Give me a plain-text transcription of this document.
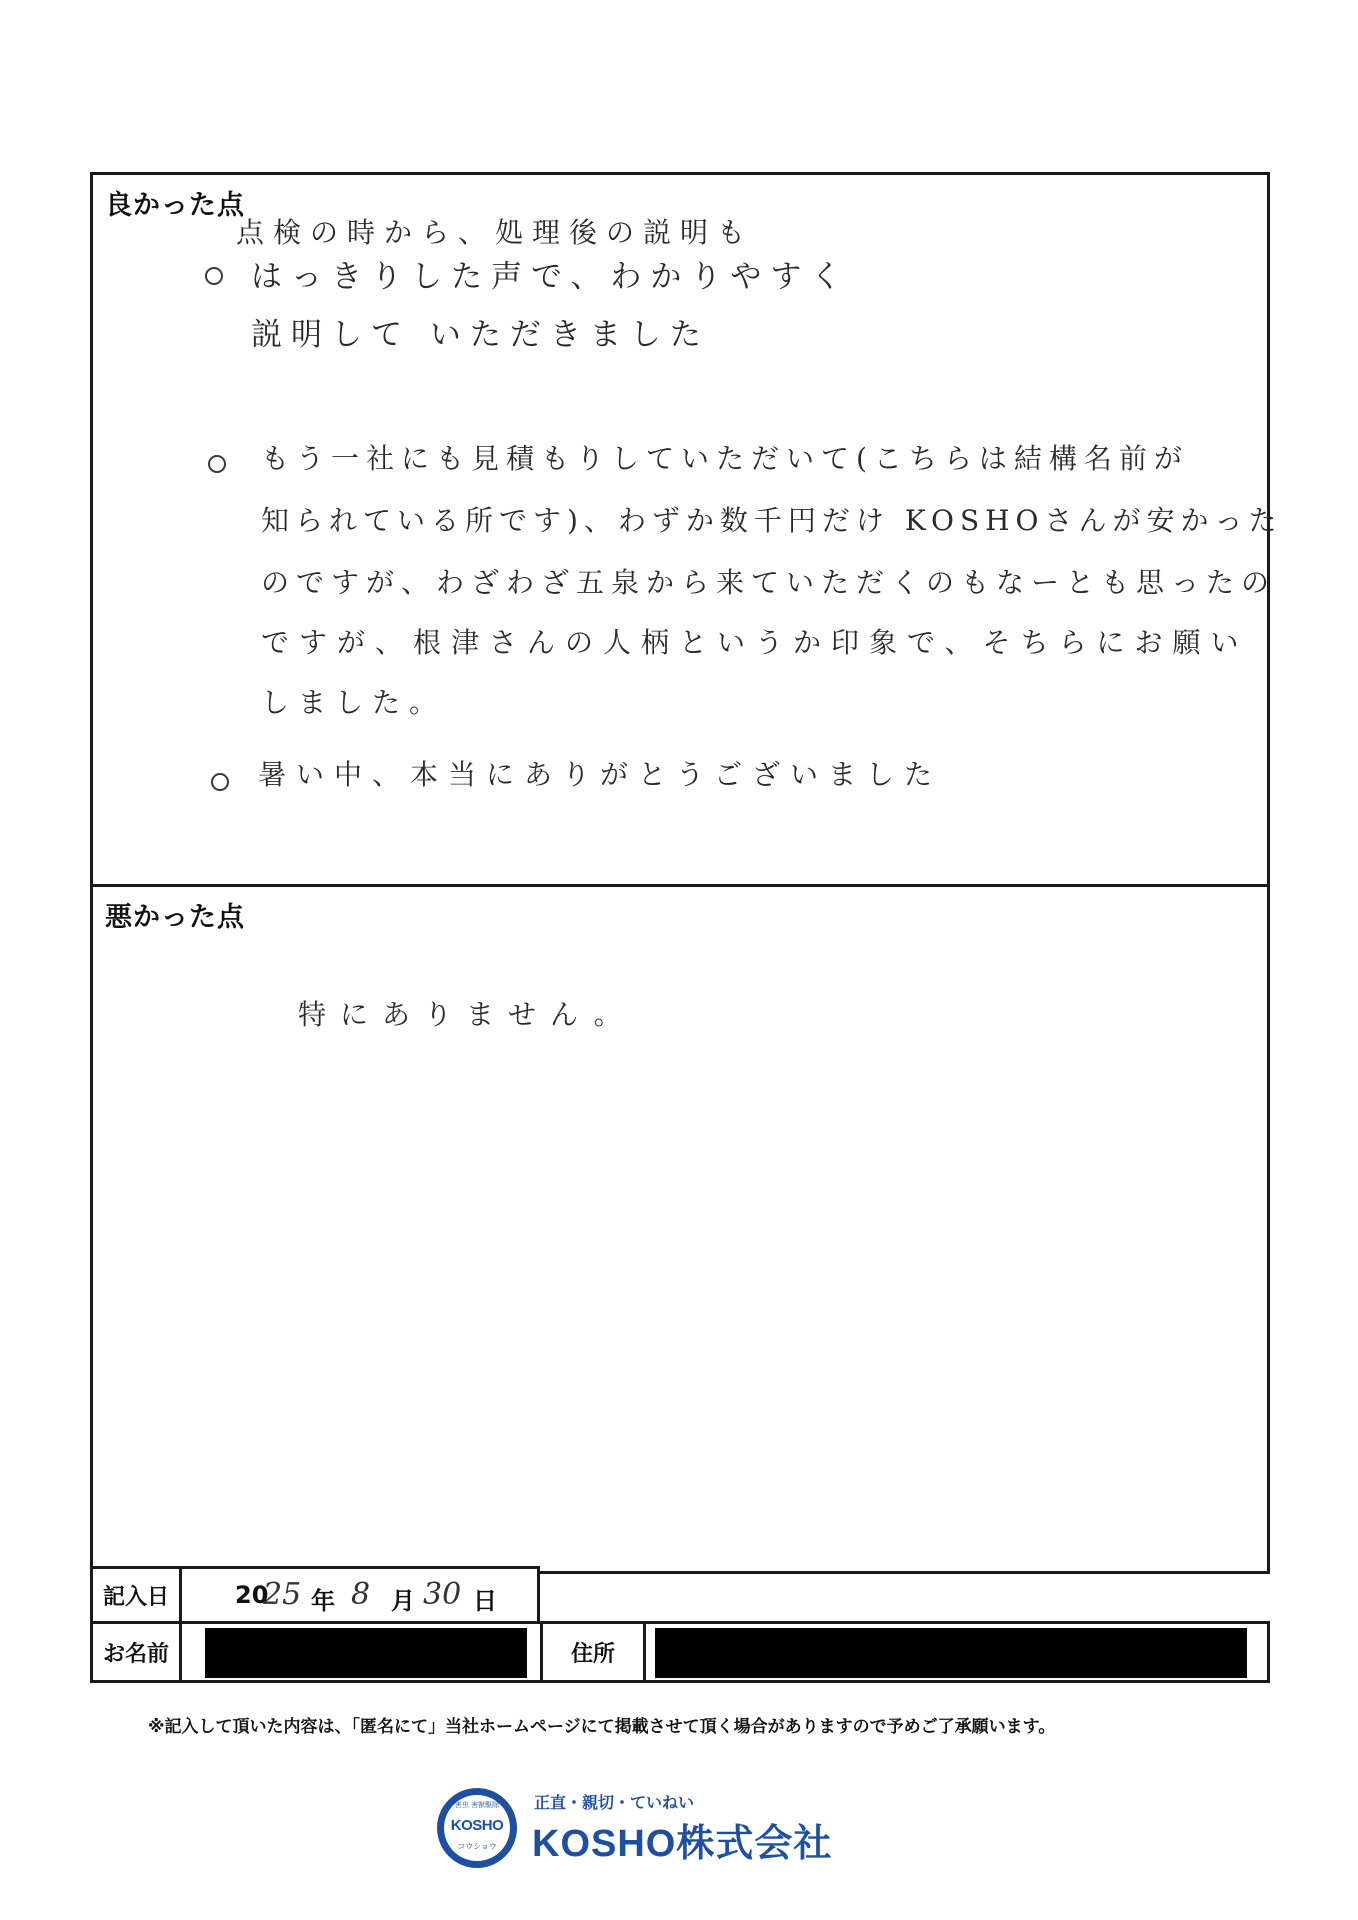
良かった点
点検の時から、処理後の説明も
はっきりした声で、わかりやすく
説明して いただきました
もう一社にも見積もりしていただいて(こちらは結構名前が
知られている所です)、わずか数千円だけ KOSHOさんが安かった
のですが、わざわざ五泉から来ていただくのもなーとも思ったの
ですが、根津さんの人柄というか印象で、そちらにお願い
しました。
暑い中、本当にありがとうございました
悪かった点
特にありません。
記入日	20
25 年 8 月 30 日
お名前	住所
※記入して頂いた内容は、「匿名にて」当社ホームページにて掲載させて頂く場合がありますので予めご了承願います。
害虫 害獣駆除
KOSHO
コウショウ
正直・親切・ていねい
KOSHO株式会社
